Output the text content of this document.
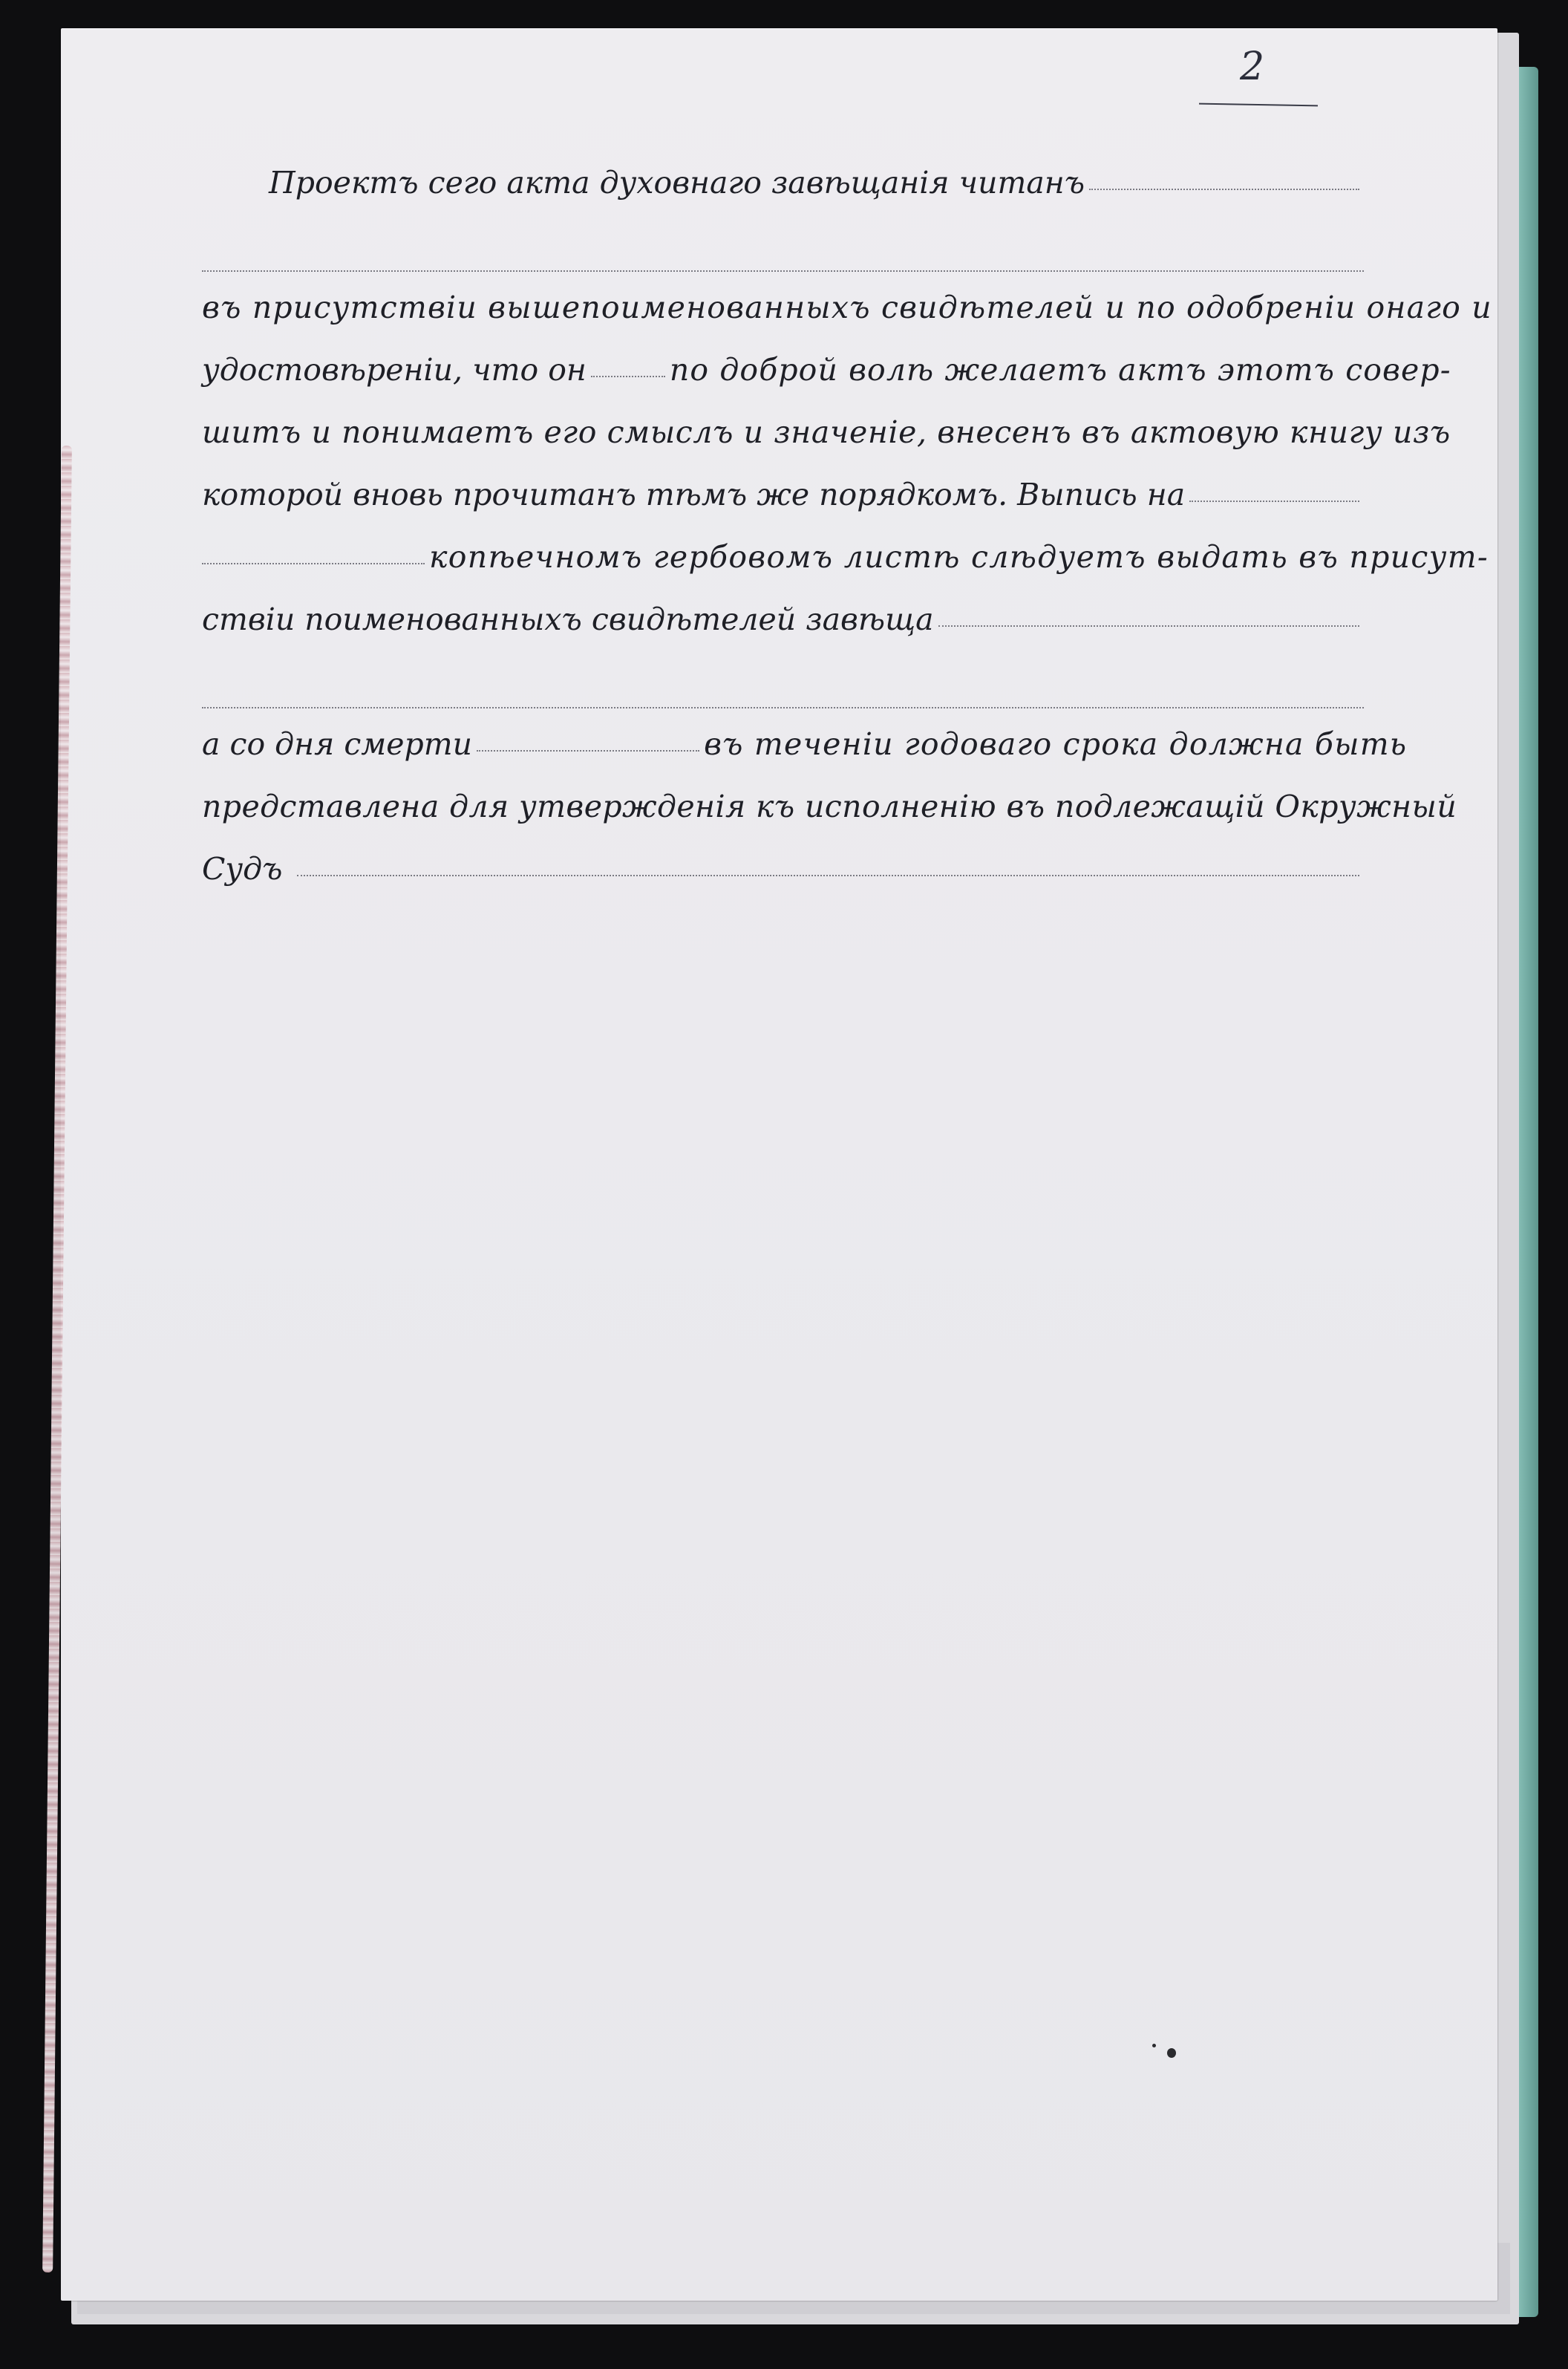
2
Проектъ сего акта духовнаго завѣщанія читанъ
въ присутствіи вышепоименованныхъ свидѣтелей и по одобреніи онаго и
удостовѣреніи, что он	по доброй волѣ желаетъ актъ этотъ совер-
шитъ и понимаетъ его смыслъ и значеніе, внесенъ въ актовую книгу изъ
которой вновь прочитанъ тѣмъ же порядкомъ. Выпись на
копѣечномъ гербовомъ листѣ слѣдуетъ выдать въ присут-
ствіи поименованныхъ свидѣтелей завѣща
а со дня смерти	въ теченіи годоваго срока должна быть
представлена для утвержденія къ исполненію въ подлежащій Окружный
Судъ
